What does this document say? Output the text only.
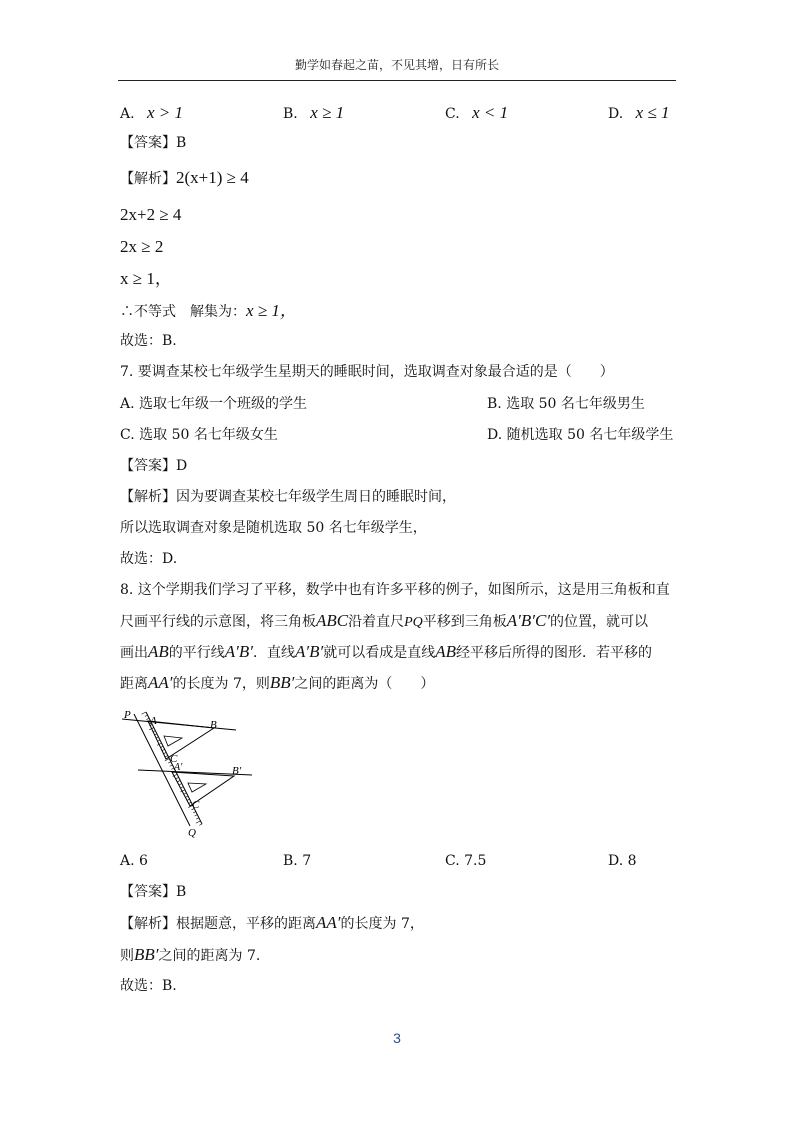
勤学如春起之苗，不见其增，日有所长
A. x > 1	B. x ≥ 1	C. x < 1	D. x ≤ 1
【答案】B
【解析】2(x+1) ≥ 4
2x+2 ≥ 4
2x ≥ 2
x ≥ 1，
∴不等式　解集为：x ≥ 1，
故选：B.
7. 要调查某校七年级学生星期天的睡眠时间，选取调查对象最合适的是（　　）
A. 选取七年级一个班级的学生	B. 选取 50 名七年级男生
C. 选取 50 名七年级女生	D. 随机选取 50 名七年级学生
【答案】D
【解析】因为要调查某校七年级学生周日的睡眠时间，
所以选取调查对象是随机选取 50 名七年级学生，
故选：D.
8. 这个学期我们学习了平移，数学中也有许多平移的例子，如图所示，这是用三角板和直
尺画平行线的示意图，将三角板ABC沿着直尺PQ平移到三角板A′B′C′的位置，就可以
画出AB的平行线A′B′．直线A′B′就可以看成是直线AB经平移后所得的图形．若平移的
距离AA′的长度为 7，则BB′之间的距离为（　　）
P A	B
C
A′	B′
C
Q
A. 6	B. 7	C. 7.5	D. 8
【答案】B
【解析】根据题意，平移的距离AA′的长度为 7，
则BB′之间的距离为 7.
故选：B.
3
